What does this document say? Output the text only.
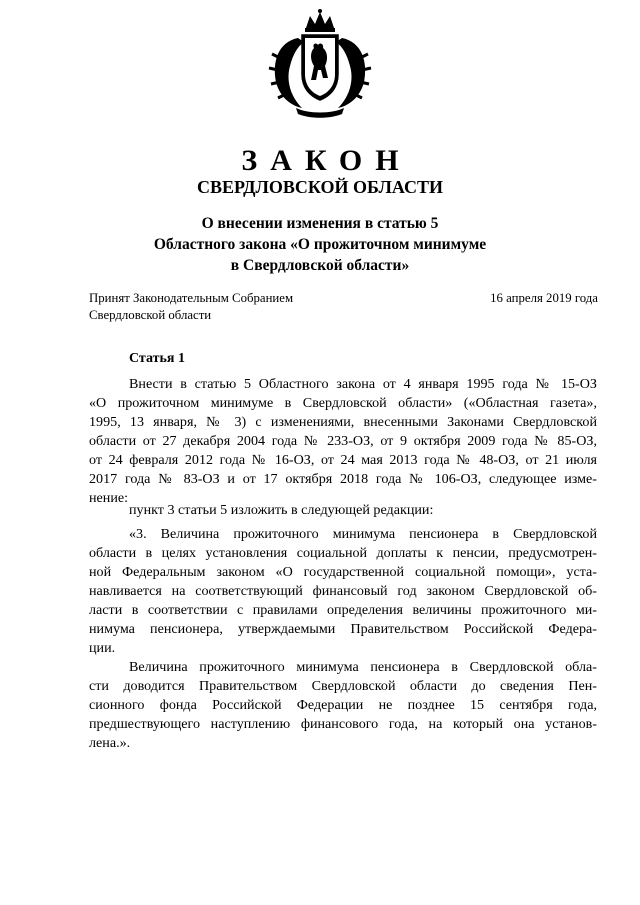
ЗАКОН
СВЕРДЛОВСКОЙ ОБЛАСТИ
О внесении изменения в статью 5
Областного закона «О прожиточном минимуме
в Свердловской области»
Принят Законодательным Собранием
Свердловской области
16 апреля 2019 года
Статья 1
Внести в статью 5 Областного закона от 4 января 1995 года № 15-ОЗ
«О прожиточном минимуме в Свердловской области» («Областная газета»,
1995, 13 января, № 3) с изменениями, внесенными Законами Свердловской
области от 27 декабря 2004 года № 233-ОЗ, от 9 октября 2009 года № 85-ОЗ,
от 24 февраля 2012 года № 16-ОЗ, от 24 мая 2013 года № 48-ОЗ, от 21 июля
2017 года № 83-ОЗ и от 17 октября 2018 года № 106-ОЗ, следующее изме-
нение:
пункт 3 статьи 5 изложить в следующей редакции:
«3. Величина прожиточного минимума пенсионера в Свердловской
области в целях установления социальной доплаты к пенсии, предусмотрен-
ной Федеральным законом «О государственной социальной помощи», уста-
навливается на соответствующий финансовый год законом Свердловской об-
ласти в соответствии с правилами определения величины прожиточного ми-
нимума пенсионера, утверждаемыми Правительством Российской Федера-
ции.
Величина прожиточного минимума пенсионера в Свердловской обла-
сти доводится Правительством Свердловской области до сведения Пен-
сионного фонда Российской Федерации не позднее 15 сентября года,
предшествующего наступлению финансового года, на который она установ-
лена.».
